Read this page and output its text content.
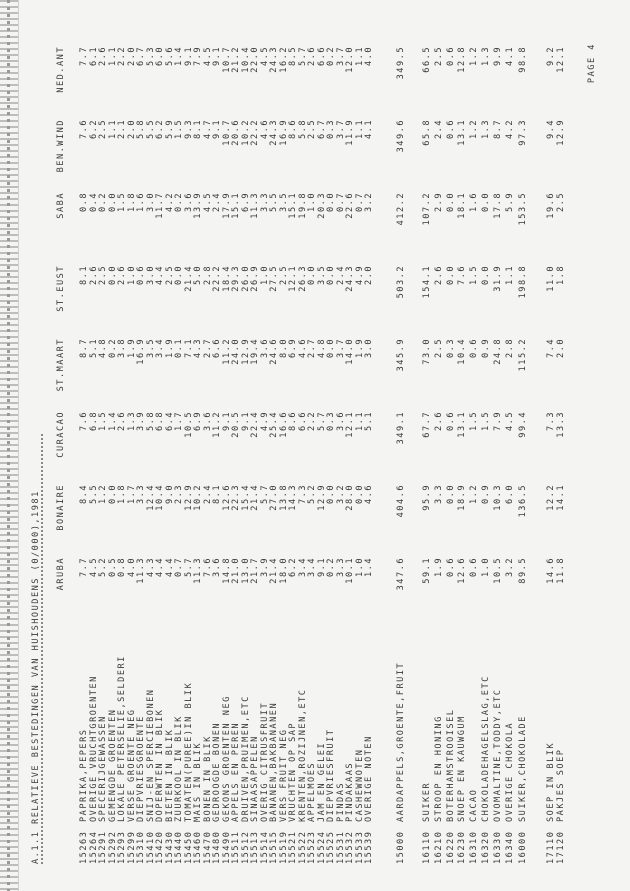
A.1.1 RELATIEVE BESTEDINGEN VAN HUISHOUDENS (0/000),1981
PAGE 4
ARUBA
BONAIRE
CURACAO
ST.MAART
ST.EUST
SABA
BEN.WIND
NED.ANT
15263
PAPRIKA,PEPERS
7.7
8.4
7.6
8.7
8.1
0.8
7.6
7.7
15264
OVERIGE VRUCHTGROENTEN
4.5
5.5
6.8
5.1
2.6
0.4
6.2
6.1
15291
SPECERIJGEWASSEN
5.2
1.2
1.5
4.8
2.5
0.2
2.5
2.6
15292
GEMENGDE GROENTEN
0.5
0.0
1.4
0.2
0.0
0.0
1.1
1.1
15293
LOKALE PETERSELIE,SELDERI
0.8
1.8
2.6
3.8
2.6
1.5
2.1
2.2
15299
VERSE GROENTE NEG
4.0
1.7
1.3
1.9
1.0
1.8
2.0
2.0
15310
DIEPVRIESGROENTE
11.3
3.3
3.9
16.9
0.6
1.6
5.8
6.7
15410
SNIJ-EN SPERCIEBONEN
4.3
12.4
5.8
3.5
3.0
3.0
5.5
5.3
15420
DOPERWTEN IN BLIK
4.4
10.4
6.8
3.4
4.4
11.7
6.2
6.0
15430
BIETEN IN BLIK
4.4
9.0
6.4
1.9
2.5
4.2
5.9
5.6
15440
ZUURKOOL IN BLIK
0.7
2.3
1.7
0.1
0.0
0.2
1.5
1.4
15450
TOMATEN(PUREE)IN BLIK
5.7
12.9
10.5
7.1
21.4
3.6
9.3
9.1
15460
MAIS IN BLIK
11.3
10.2
6.9
4.3
5.0
13.9
8.1
7.9
15470
BONEN IN BLIK
7.6
2.4
3.6
2.7
2.8
4.5
4.7
4.5
15480
GEDROOGDE BONEN
3.6
8.1
11.2
6.6
22.2
2.4
9.1
9.1
15490
GEKONS GROENTEN NEG
14.8
12.6
9.1
11.2
18.4
17.9
10.7
10.7
15511
APPELS EN PEREN
21.0
22.3
20.5
24.0
29.3
15.1
20.6
21.2
15512
DRUIVEN,PRUIMEN,ETC
13.0
15.4
9.1
12.9
26.0
6.9
10.2
10.4
15513
SINAASAPPELEN
21.7
21.4
22.4
19.4
26.9
11.3
22.2
22.0
15514
OVERIG CITRUSFRUIT
3.9
5.7
4.9
3.6
1.0
3.3
4.6
4.5
15515
BANANEN,BAKBANANEN
21.4
27.0
25.4
24.6
27.5
5.5
24.3
24.3
15519
VERS FRUIT NEG
18.0
13.8
16.6
8.0
2.5
3.5
16.9
16.2
15521
VRUCHTEN OP SAP
6.2
14.3
8.6
6.9
12.1
15.1
8.6
8.5
15522
KRENTEN,ROZIJNEN,ETC
3.4
7.3
6.6
4.6
26.3
19.8
5.8
5.7
15523
APPELMOES
3.4
5.2
2.2
2.7
0.0
1.0
2.5
2.6
15524
JAM EN GELEI
9.1
12.9
5.7
4.8
3.5
20.3
6.7
6.6
15525
DIEPVRIESFRUIT
0.2
0.0
0.3
0.0
0.0
0.0
0.3
0.2
15531
PINDAS
3.3
3.2
3.6
3.7
2.4
0.7
3.7
3.7
15532
PINDAKAAS
10.1
28.0
12.1
14.0
24.3
22.6
11.9
12.0
15533
CASHEWNOTEN
1.0
0.0
1.1
1.9
4.9
0.7
1.1
1.1
15539
OVERIGE NOTEN
1.4
4.6
5.1
3.0
2.0
3.2
4.1
4.0
15000
AARDAPPELS,GROENTE,FRUIT
347.6
404.6
349.1
345.9
503.2
412.2
349.6
349.5
16110
SUIKER
59.1
95.9
67.7
73.0
154.1
107.2
65.8
66.5
16210
STROOP EN HONING
1.9
3.3
2.6
2.5
2.6
2.9
2.4
2.5
16220
BOTERHAMSTROOISEL
0.6
0.0
0.6
0.3
0.0
0.0
0.6
0.6
16230
SNOEP EN KAUWGUM
12.6
18.9
13.1
10.4
7.6
18.1
13.1
12.8
16310
CACAO
0.6
1.2
1.5
0.6
1.5
1.6
1.2
1.2
16320
CHOKOLADEHAGELSLAG,ETC
1.0
0.9
1.5
0.9
0.0
0.0
1.3
1.3
16330
OVOMALTINE,TODDY,ETC
10.5
10.3
7.9
24.8
31.9
17.8
8.7
9.9
16340
OVERIGE CHOKOLA
3.2
6.0
4.5
2.8
1.1
5.9
4.2
4.1
16000
SUIKER,CHOKOLADE
89.5
136.5
99.4
115.2
198.8
153.5
97.3
98.8
17110
SOEP IN BLIK
14.6
12.2
7.3
7.4
11.0
19.6
9.4
9.2
17120
PAKJES SOEP
11.8
14.1
13.3
2.0
1.8
2.5
12.9
12.1
